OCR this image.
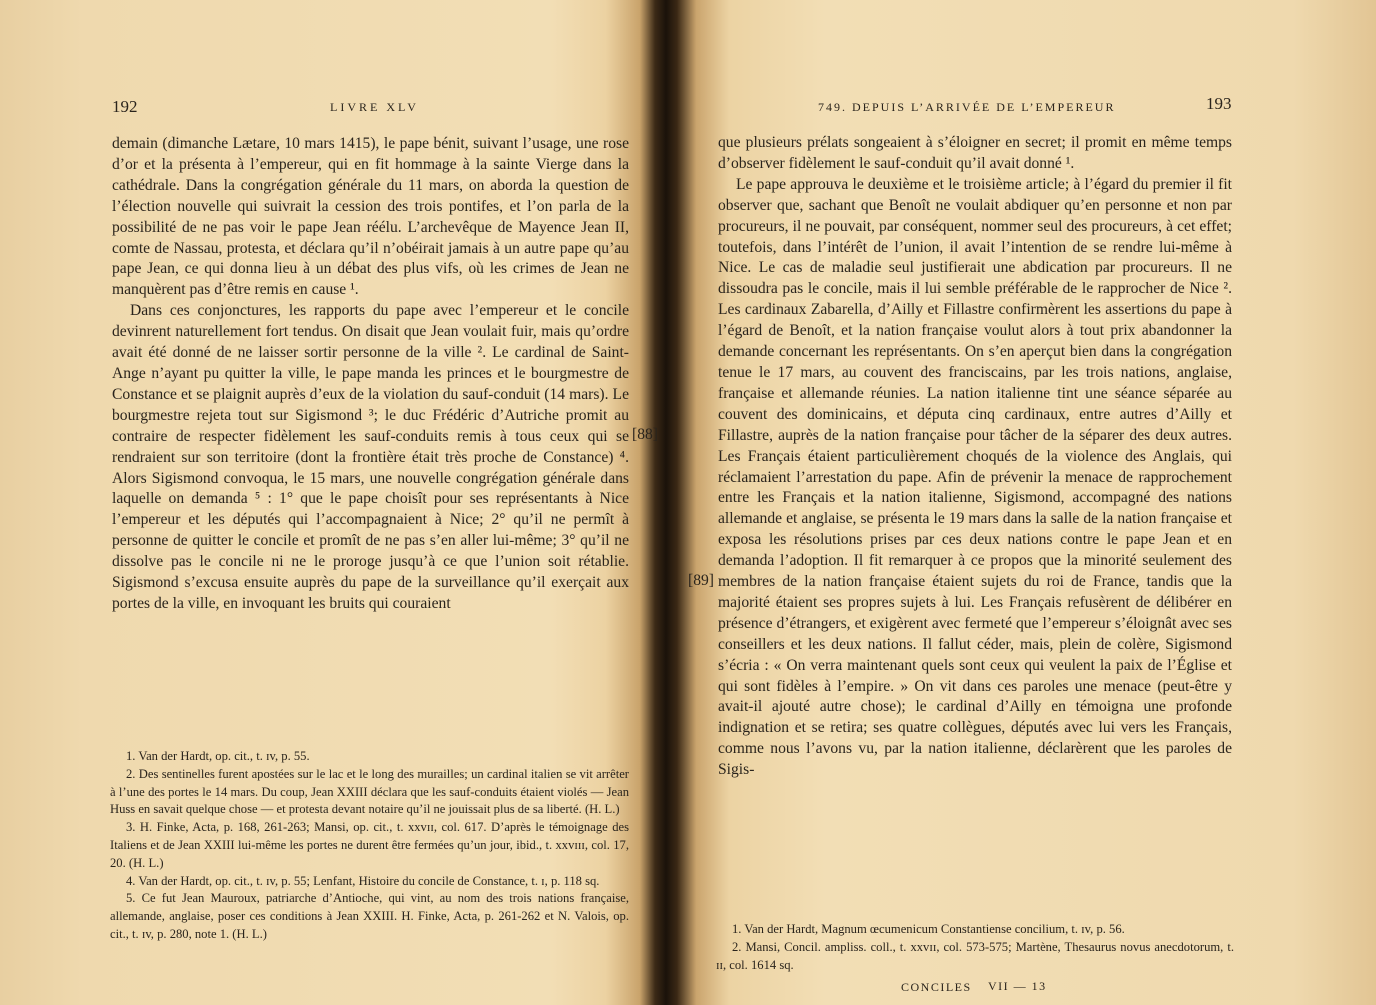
192	LIVRE XLV

demain (dimanche Lætare, 10 mars 1415), le pape bénit, suivant l’usage, une rose d’or et la présenta à l’empereur, qui en fit hommage à la sainte Vierge dans la cathédrale. Dans la congrégation générale du 11 mars, on aborda la question de l’élection nouvelle qui suivrait la cession des trois pontifes, et l’on parla de la possibilité de ne pas voir le pape Jean réélu. L’archevêque de Mayence Jean II, comte de Nassau, protesta, et déclara qu’il n’obéirait jamais à un autre pape qu’au pape Jean, ce qui donna lieu à un débat des plus vifs, où les crimes de Jean ne manquèrent pas d’être remis en cause ¹.

Dans ces conjonctures, les rapports du pape avec l’empereur et le concile devinrent naturellement fort tendus. On disait que Jean voulait fuir, mais qu’ordre avait été donné de ne laisser sortir personne de la ville ². Le cardinal de Saint-Ange n’ayant pu quitter la ville, le pape manda les princes et le bourgmestre de Constance et se plaignit auprès d’eux de la violation du sauf-conduit (14 mars). Le bourgmestre rejeta tout sur Sigismond ³; le duc Frédéric d’Autriche promit au contraire de respecter fidèlement les sauf-conduits remis à tous ceux qui se rendraient sur son territoire (dont la frontière était très proche de Constance) ⁴. Alors Sigismond convoqua, le 15 mars, une nouvelle congrégation générale dans laquelle on demanda ⁵ : 1° que le pape choisît pour ses représentants à Nice l’empereur et les députés qui l’accompagnaient à Nice; 2° qu’il ne permît à personne de quitter le concile et promît de ne pas s’en aller lui-même; 3° qu’il ne dissolve pas le concile ni ne le proroge jusqu’à ce que l’union soit rétablie. Sigismond s’excusa ensuite auprès du pape de la surveillance qu’il exerçait aux portes de la ville, en invoquant les bruits qui couraient

[88]

1. Van der Hardt, op. cit., t. ɪv, p. 55.

2. Des sentinelles furent apostées sur le lac et le long des murailles; un cardinal italien se vit arrêter à l’une des portes le 14 mars. Du coup, Jean XXIII déclara que les sauf-conduits étaient violés — Jean Huss en savait quelque chose — et protesta devant notaire qu’il ne jouissait plus de sa liberté. (H. L.)

3. H. Finke, Acta, p. 168, 261-263; Mansi, op. cit., t. xxvɪɪ, col. 617. D’après le témoignage des Italiens et de Jean XXIII lui-même les portes ne durent être fermées qu’un jour, ibid., t. xxvɪɪɪ, col. 17, 20. (H. L.)

4. Van der Hardt, op. cit., t. ɪv, p. 55; Lenfant, Histoire du concile de Constance, t. ɪ, p. 118 sq.

5. Ce fut Jean Mauroux, patriarche d’Antioche, qui vint, au nom des trois nations française, allemande, anglaise, poser ces conditions à Jean XXIII. H. Finke, Acta, p. 261-262 et N. Valois, op. cit., t. ɪv, p. 280, note 1. (H. L.)

749. DEPUIS L’ARRIVÉE DE L’EMPEREUR	193

que plusieurs prélats songeaient à s’éloigner en secret; il promit en même temps d’observer fidèlement le sauf-conduit qu’il avait donné ¹.

Le pape approuva le deuxième et le troisième article; à l’égard du premier il fit observer que, sachant que Benoît ne voulait abdiquer qu’en personne et non par procureurs, il ne pouvait, par conséquent, nommer seul des procureurs, à cet effet; toutefois, dans l’intérêt de l’union, il avait l’intention de se rendre lui-même à Nice. Le cas de maladie seul justifierait une abdication par procureurs. Il ne dissoudra pas le concile, mais il lui semble préférable de le rapprocher de Nice ². Les cardinaux Zabarella, d’Ailly et Fillastre confirmèrent les assertions du pape à l’égard de Benoît, et la nation française voulut alors à tout prix abandonner la demande concernant les représentants. On s’en aperçut bien dans la congrégation tenue le 17 mars, au couvent des franciscains, par les trois nations, anglaise, française et allemande réunies. La nation italienne tint une séance séparée au couvent des dominicains, et députa cinq cardinaux, entre autres d’Ailly et Fillastre, auprès de la nation française pour tâcher de la séparer des deux autres. Les Français étaient particulièrement choqués de la violence des Anglais, qui réclamaient l’arrestation du pape. Afin de prévenir la menace de rapprochement entre les Français et la nation italienne, Sigismond, accompagné des nations allemande et anglaise, se présenta le 19 mars dans la salle de la nation française et exposa les résolutions prises par ces deux nations contre le pape Jean et en demanda l’adoption. Il fit remarquer à ce propos que la minorité seulement des membres de la nation française étaient sujets du roi de France, tandis que la majorité étaient ses propres sujets à lui. Les Français refusèrent de délibérer en présence d’étrangers, et exigèrent avec fermeté que l’empereur s’éloignât avec ses conseillers et les deux nations. Il fallut céder, mais, plein de colère, Sigismond s’écria : « On verra maintenant quels sont ceux qui veulent la paix de l’Église et qui sont fidèles à l’empire. » On vit dans ces paroles une menace (peut-être y avait-il ajouté autre chose); le cardinal d’Ailly en témoigna une profonde indignation et se retira; ses quatre collègues, députés avec lui vers les Français, comme nous l’avons vu, par la nation italienne, déclarèrent que les paroles de Sigis-

[89]

1. Van der Hardt, Magnum œcumenicum Constantiense concilium, t. ɪv, p. 56.

2. Mansi, Concil. ampliss. coll., t. xxvɪɪ, col. 573-575; Martène, Thesaurus novus anecdotorum, t. ɪɪ, col. 1614 sq.

CONCILES VII — 13
